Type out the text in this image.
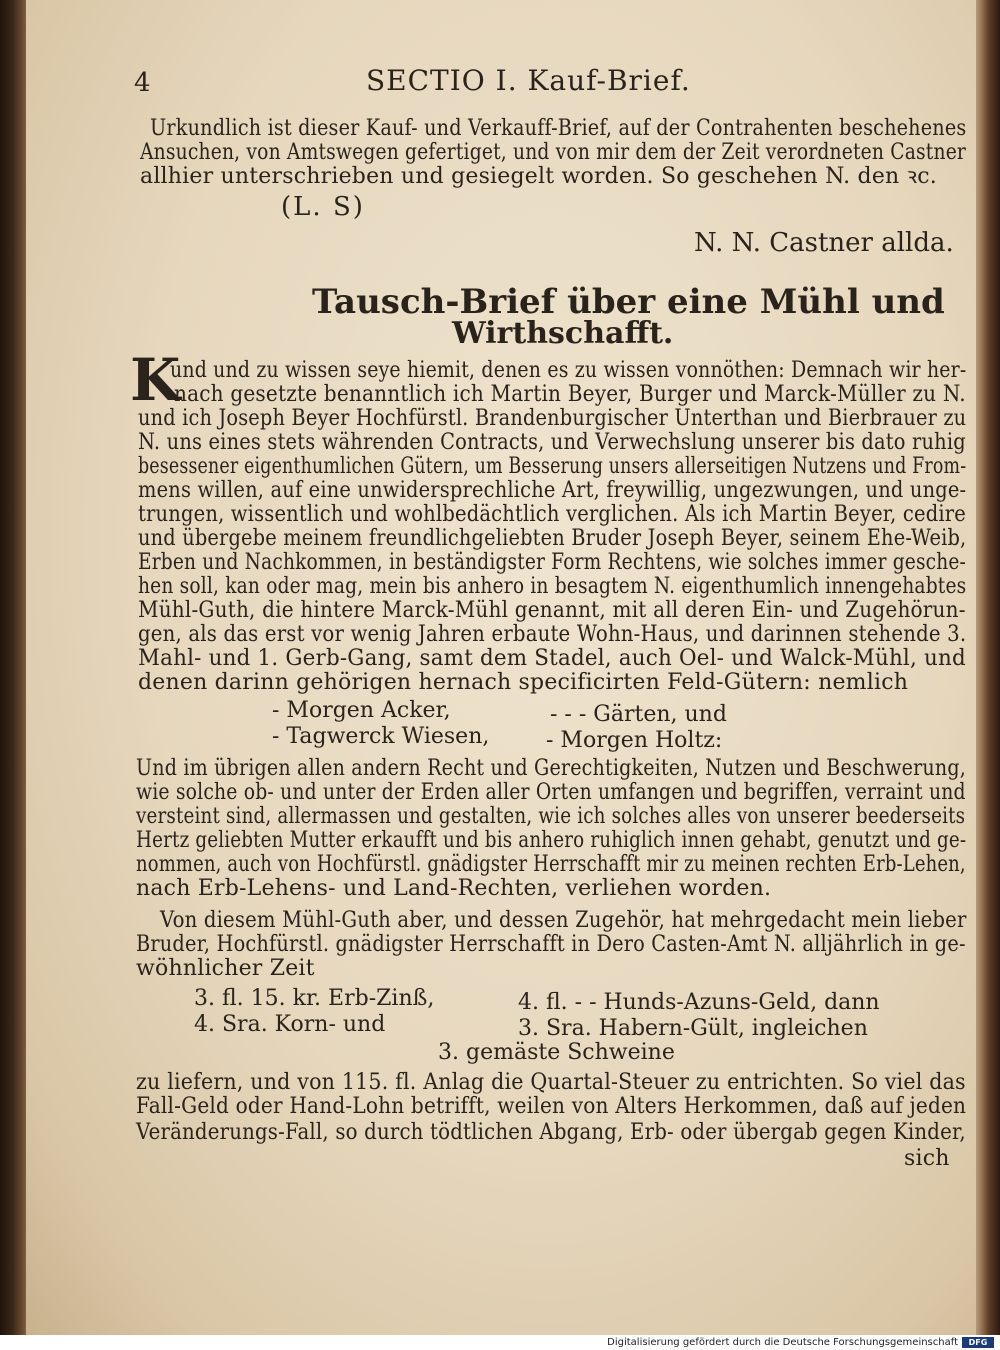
4	SECTIO I. Kauf-Brief.
Urkundlich ist dieser Kauf- und Verkauff-Brief, auf der Contrahenten beschehenes
Ansuchen, von Amtswegen gefertiget, und von mir dem der Zeit verordneten Castner
allhier unterschrieben und gesiegelt worden. So geschehen N. den ꝛc.
(L. S)
N. N. Castner allda.
Tausch-Brief über eine Mühl und
Wirthschafft.
K
und und zu wissen seye hiemit, denen es zu wissen vonnöthen: Demnach wir her-
nach gesetzte benanntlich ich Martin Beyer, Burger und Marck-Müller zu N.
und ich Joseph Beyer Hochfürstl. Brandenburgischer Unterthan und Bierbrauer zu
N. uns eines stets währenden Contracts, und Verwechslung unserer bis dato ruhig
besessener eigenthumlichen Gütern, um Besserung unsers allerseitigen Nutzens und From-
mens willen, auf eine unwidersprechliche Art, freywillig, ungezwungen, und unge-
trungen, wissentlich und wohlbedächtlich verglichen. Als ich Martin Beyer, cedire
und übergebe meinem freundlichgeliebten Bruder Joseph Beyer, seinem Ehe-Weib,
Erben und Nachkommen, in beständigster Form Rechtens, wie solches immer gesche-
hen soll, kan oder mag, mein bis anhero in besagtem N. eigenthumlich innengehabtes
Mühl-Guth, die hintere Marck-Mühl genannt, mit all deren Ein- und Zugehörun-
gen, als das erst vor wenig Jahren erbaute Wohn-Haus, und darinnen stehende 3.
Mahl- und 1. Gerb-Gang, samt dem Stadel, auch Oel- und Walck-Mühl, und
denen darinn gehörigen hernach specificirten Feld-Gütern: nemlich
- Morgen Acker,	- - - Gärten, und
- Tagwerck Wiesen,	- Morgen Holtz:
Und im übrigen allen andern Recht und Gerechtigkeiten, Nutzen und Beschwerung,
wie solche ob- und unter der Erden aller Orten umfangen und begriffen, verraint und
versteint sind, allermassen und gestalten, wie ich solches alles von unserer beederseits
Hertz geliebten Mutter erkaufft und bis anhero ruhiglich innen gehabt, genutzt und ge-
nommen, auch von Hochfürstl. gnädigster Herrschafft mir zu meinen rechten Erb-Lehen,
nach Erb-Lehens- und Land-Rechten, verliehen worden.
Von diesem Mühl-Guth aber, und dessen Zugehör, hat mehrgedacht mein lieber
Bruder, Hochfürstl. gnädigster Herrschafft in Dero Casten-Amt N. alljährlich in ge-
wöhnlicher Zeit
3. fl. 15. kr. Erb-Zinß,	4. fl. - - Hunds-Azuns-Geld, dann
4. Sra. Korn- und	3. Sra. Habern-Gült, ingleichen
3. gemäste Schweine
zu liefern, und von 115. fl. Anlag die Quartal-Steuer zu entrichten. So viel das
Fall-Geld oder Hand-Lohn betrifft, weilen von Alters Herkommen, daß auf jeden
Veränderungs-Fall, so durch tödtlichen Abgang, Erb- oder übergab gegen Kinder,
sich
Digitalisierung gefördert durch die Deutsche Forschungsgemeinschaft	DFG
